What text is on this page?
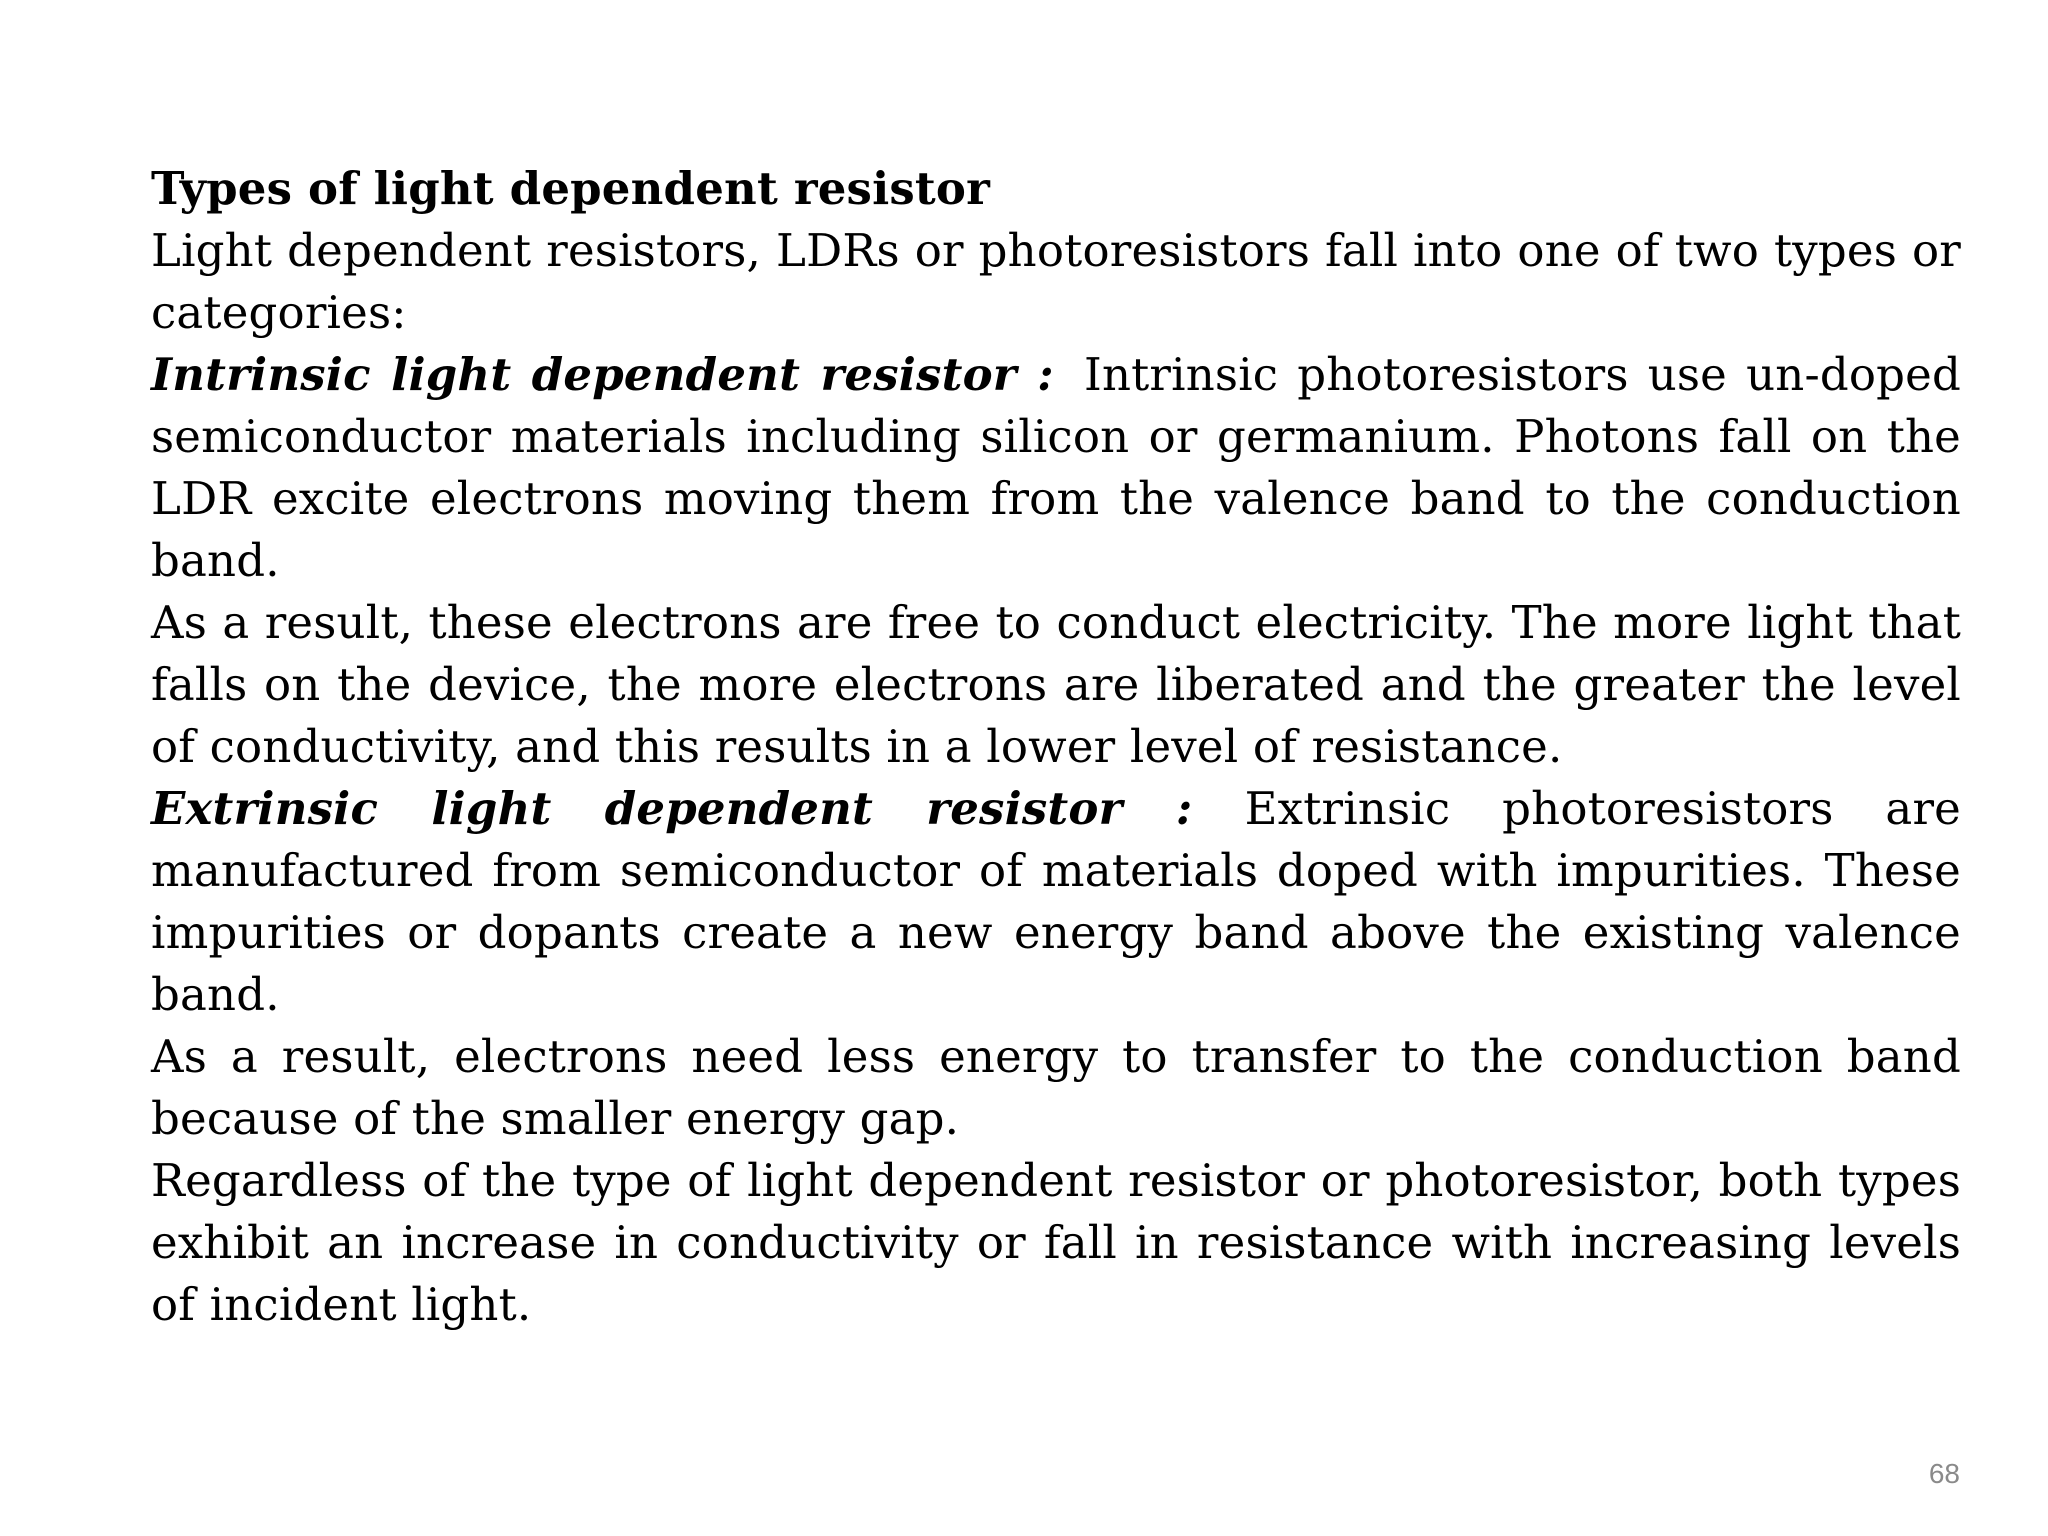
Types of light dependent resistor

Light dependent resistors, LDRs or photoresistors fall into one of two types or categories:

Intrinsic light dependent resistor : Intrinsic photoresistors use un-doped semiconductor materials including silicon or germanium. Photons fall on the LDR excite electrons moving them from the valence band to the conduction band.

As a result, these electrons are free to conduct electricity. The more light that falls on the device, the more electrons are liberated and the greater the level of conductivity, and this results in a lower level of resistance.

Extrinsic light dependent resistor : Extrinsic photoresistors are manufactured from semiconductor of materials doped with impurities. These impurities or dopants create a new energy band above the existing valence band.

As a result, electrons need less energy to transfer to the conduction band because of the smaller energy gap.

Regardless of the type of light dependent resistor or photoresistor, both types exhibit an increase in conductivity or fall in resistance with increasing levels of incident light.

68
